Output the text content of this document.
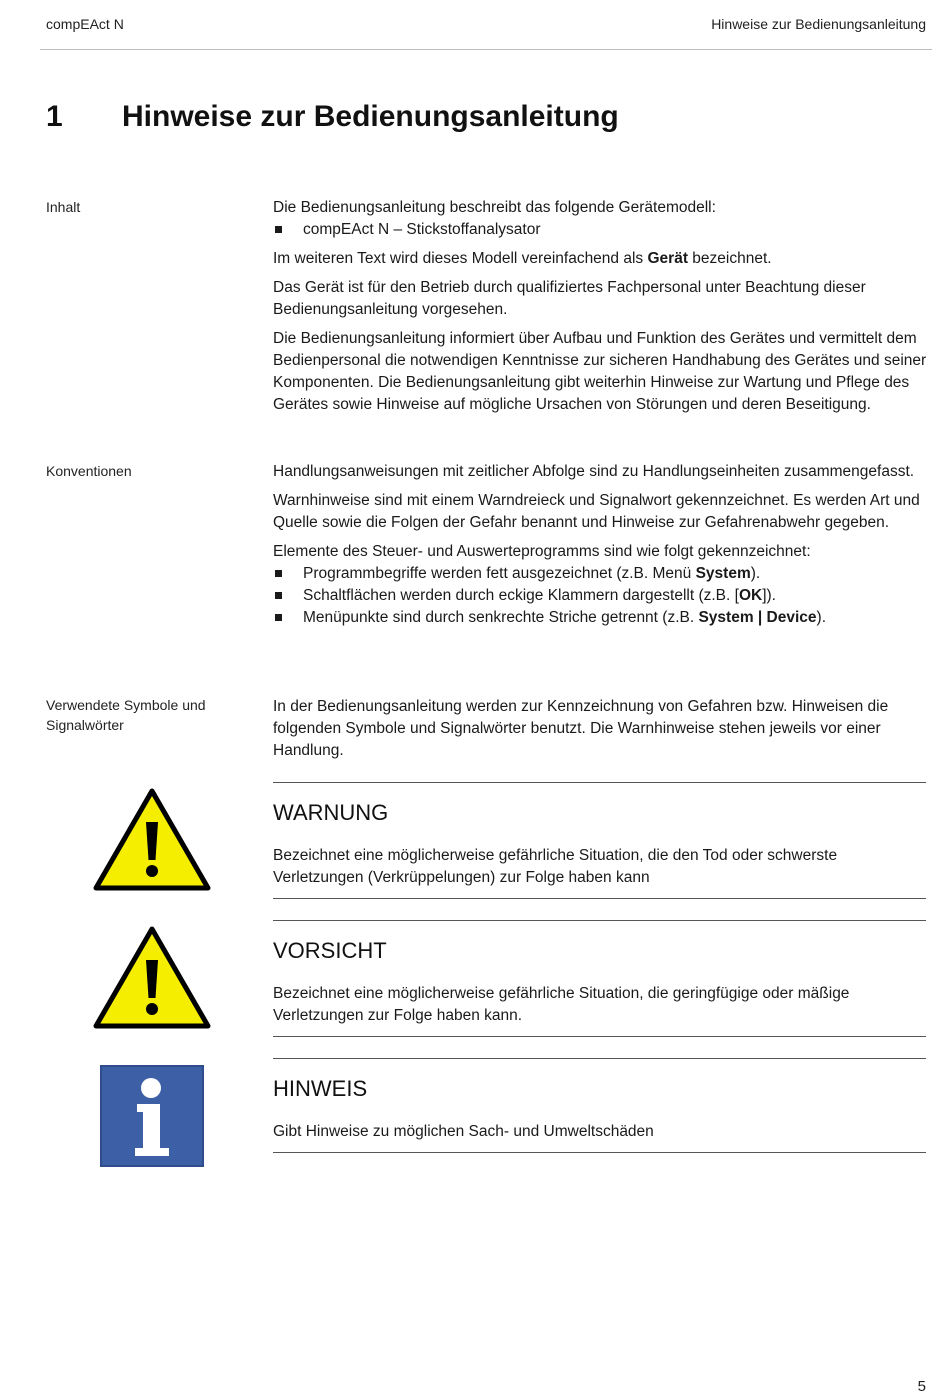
compEAct N	Hinweise zur Bedienungsanleitung
1 Hinweise zur Bedienungsanleitung
Inhalt	Die Bedienungsanleitung beschreibt das folgende Gerätemodell:

compEAct N – Stickstoffanalysator

Im weiteren Text wird dieses Modell vereinfachend als Gerät bezeichnet.

Das Gerät ist für den Betrieb durch qualifiziertes Fachpersonal unter Beachtung dieser Bedienungsanleitung vorgesehen.

Die Bedienungsanleitung informiert über Aufbau und Funktion des Gerätes und vermittelt dem Bedienpersonal die notwendigen Kenntnisse zur sicheren Handhabung des Gerätes und seiner Komponenten. Die Bedienungsanleitung gibt weiterhin Hinweise zur Wartung und Pflege des Gerätes sowie Hinweise auf mögliche Ursachen von Störungen und deren Beseitigung.

Konventionen	Handlungsanweisungen mit zeitlicher Abfolge sind zu Handlungseinheiten zusammengefasst.

Warnhinweise sind mit einem Warndreieck und Signalwort gekennzeichnet. Es werden Art und Quelle sowie die Folgen der Gefahr benannt und Hinweise zur Gefahrenabwehr gegeben.

Elemente des Steuer- und Auswerteprogramms sind wie folgt gekennzeichnet:

Programmbegriffe werden fett ausgezeichnet (z.B. Menü System).
Schaltflächen werden durch eckige Klammern dargestellt (z.B. [OK]).
Menüpunkte sind durch senkrechte Striche getrennt (z.B. System | Device).
Verwendete Symbole und Signalwörter

In der Bedienungsanleitung werden zur Kennzeichnung von Gefahren bzw. Hinweisen die folgenden Symbole und Signalwörter benutzt. Die Warnhinweise stehen jeweils vor einer Handlung.

WARNUNG
Bezeichnet eine möglicherweise gefährliche Situation, die den Tod oder schwerste Verletzungen (Verkrüppelungen) zur Folge haben kann
VORSICHT
Bezeichnet eine möglicherweise gefährliche Situation, die geringfügige oder mäßige Verletzungen zur Folge haben kann.
HINWEIS
Gibt Hinweise zu möglichen Sach- und Umweltschäden
5
